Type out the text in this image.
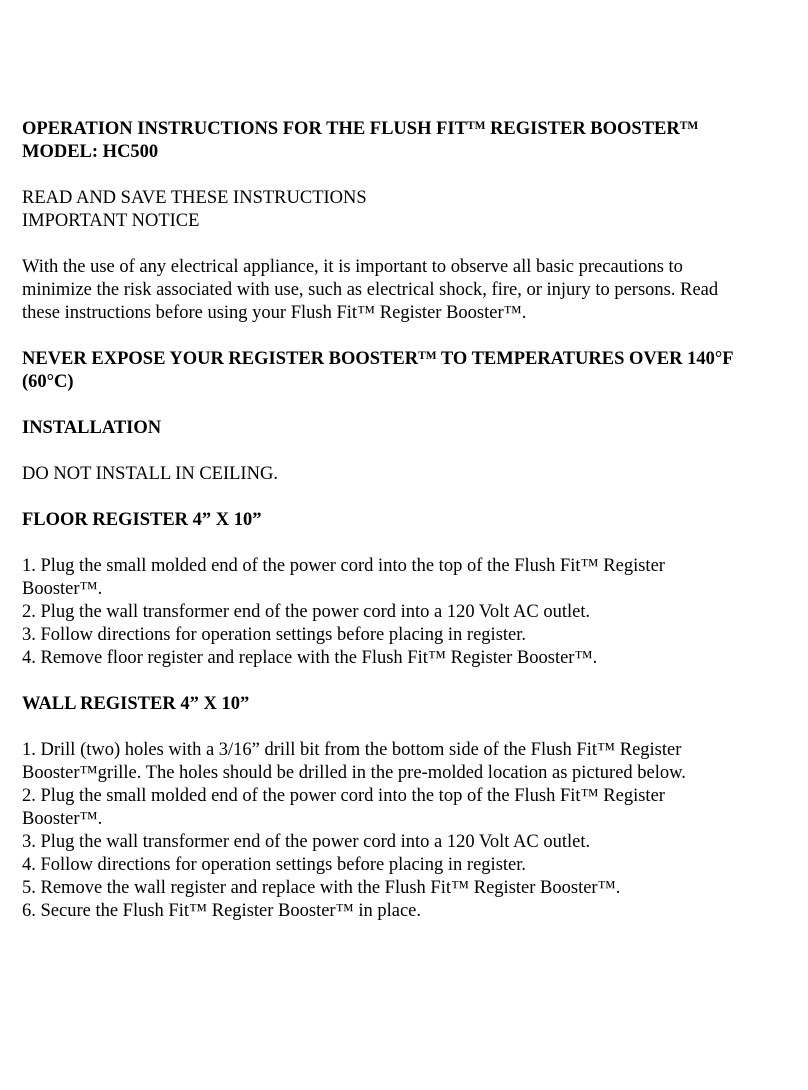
OPERATION INSTRUCTIONS FOR THE FLUSH FIT™ REGISTER BOOSTER™
MODEL: HC500
READ AND SAVE THESE INSTRUCTIONS
IMPORTANT NOTICE
With the use of any electrical appliance, it is important to observe all basic precautions to
minimize the risk associated with use, such as electrical shock, fire, or injury to persons. Read
these instructions before using your Flush Fit™ Register Booster™.
NEVER EXPOSE YOUR REGISTER BOOSTER™ TO TEMPERATURES OVER 140°F
(60°C)
INSTALLATION
DO NOT INSTALL IN CEILING.
FLOOR REGISTER 4” X 10”
1. Plug the small molded end of the power cord into the top of the Flush Fit™ Register
Booster™.
2. Plug the wall transformer end of the power cord into a 120 Volt AC outlet.
3. Follow directions for operation settings before placing in register.
4. Remove floor register and replace with the Flush Fit™ Register Booster™.
WALL REGISTER 4” X 10”
1. Drill (two) holes with a 3/16” drill bit from the bottom side of the Flush Fit™ Register
Booster™grille. The holes should be drilled in the pre-molded location as pictured below.
2. Plug the small molded end of the power cord into the top of the Flush Fit™ Register
Booster™.
3. Plug the wall transformer end of the power cord into a 120 Volt AC outlet.
4. Follow directions for operation settings before placing in register.
5. Remove the wall register and replace with the Flush Fit™ Register Booster™.
6. Secure the Flush Fit™ Register Booster™ in place.
